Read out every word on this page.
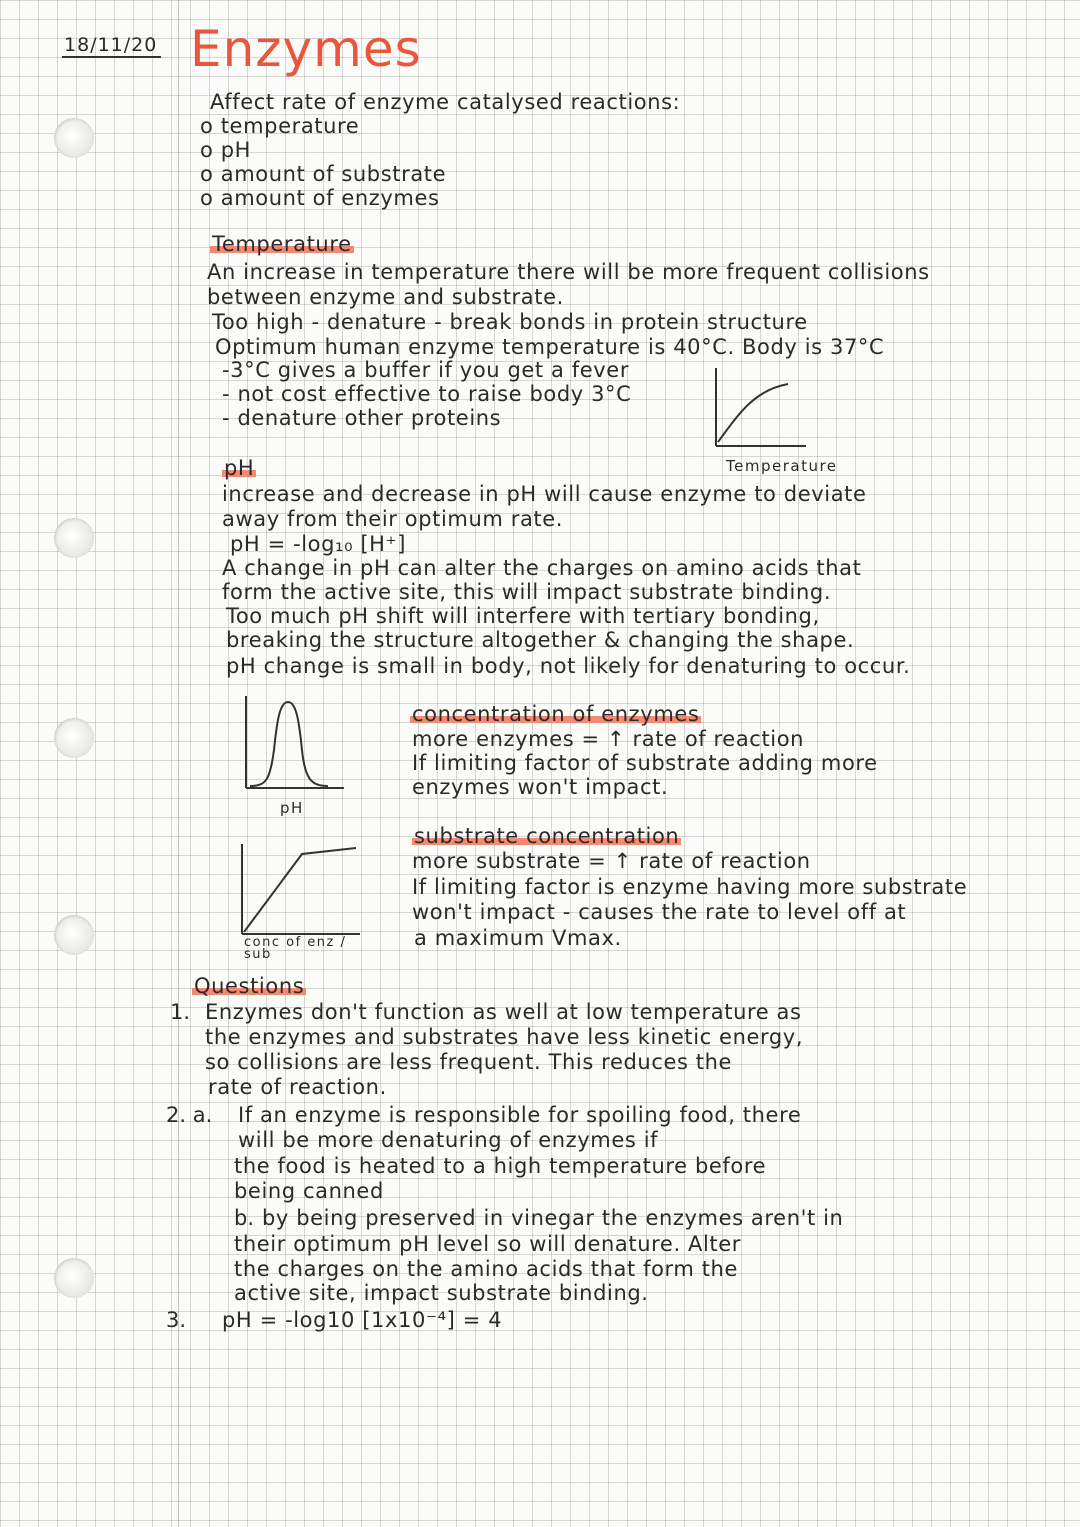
18/11/20 Enzymes
Affect rate of enzyme catalysed reactions:
o temperature
o pH
o amount of substrate
o amount of enzymes
Temperature
An increase in temperature there will be more frequent collisions
between enzyme and substrate.
Too high - denature - break bonds in protein structure
Optimum human enzyme temperature is 40°C. Body is 37°C
-3°C gives a buffer if you get a fever
- not cost effective to raise body 3°C
- denature other proteins
Temperature
pH
increase and decrease in pH will cause enzyme to deviate
away from their optimum rate.
pH = -log₁₀ [H⁺]
A change in pH can alter the charges on amino acids that
form the active site, this will impact substrate binding.
Too much pH shift will interfere with tertiary bonding,
breaking the structure altogether & changing the shape.
pH change is small in body, not likely for denaturing to occur.
pH
concentration of enzymes
more enzymes = ↑ rate of reaction
If limiting factor of substrate adding more
enzymes won't impact.
substrate concentration
more substrate = ↑ rate of reaction
If limiting factor is enzyme having more substrate
won't impact - causes the rate to level off at
a maximum Vmax.
conc of enz /
sub
Questions
1. Enzymes don't function as well at low temperature as
the enzymes and substrates have less kinetic energy,
so collisions are less frequent. This reduces the
rate of reaction.
2. a. If an enzyme is responsible for spoiling food, there
will be more denaturing of enzymes if
the food is heated to a high temperature before
being canned
b. by being preserved in vinegar the enzymes aren't in
their optimum pH level so will denature. Alter
the charges on the amino acids that form the
active site, impact substrate binding.
3. pH = -log10 [1x10⁻⁴] = 4
